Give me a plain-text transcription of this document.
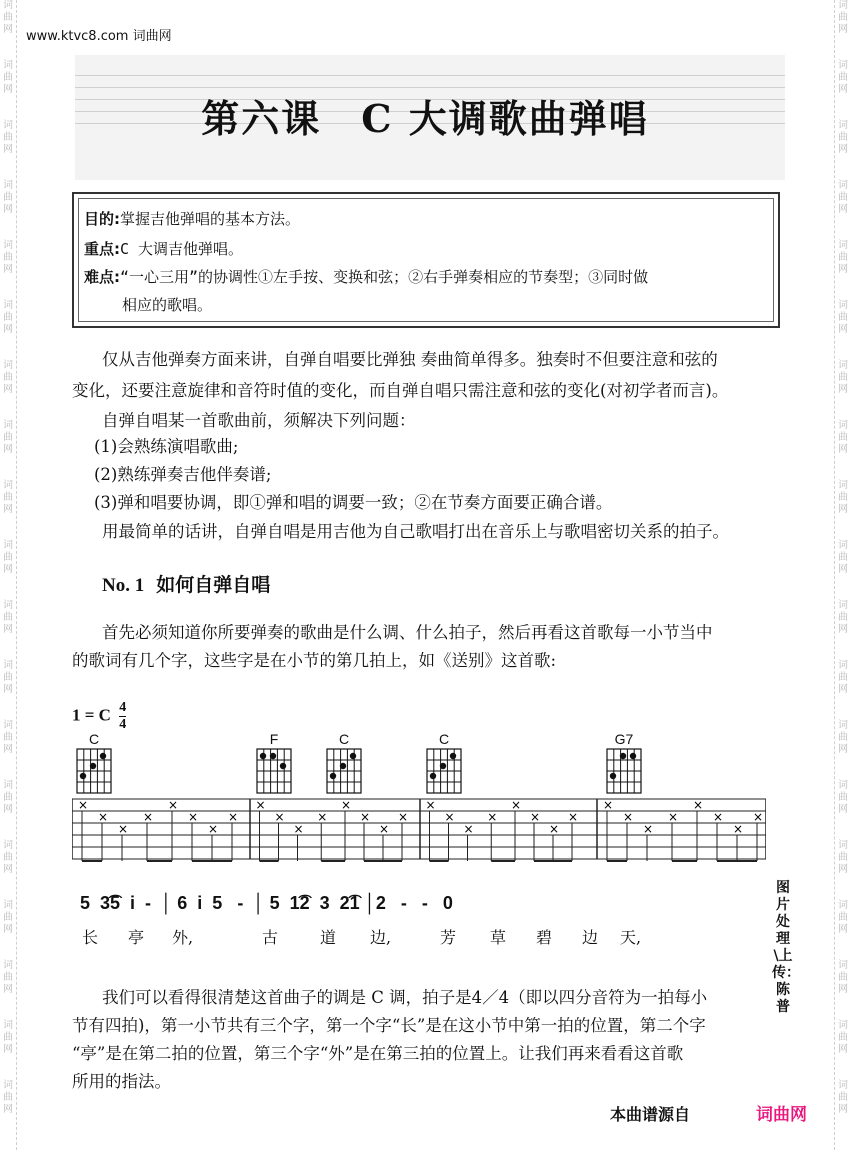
词
曲
网
词
曲
网
词
曲
网
词
曲
网
词
曲
网
词
曲
网
词
曲
网
词
曲
网
词
曲
网
词
曲
网
词
曲
网
词
曲
网
词
曲
网
词
曲
网
词
曲
网
词
曲
网
词
曲
网
词
曲
网
词
曲
网
词
曲
网
词
曲
网
词
曲
网
词
曲
网
词
曲
网
词
曲
网
词
曲
网
词
曲
网
词
曲
网
词
曲
网
词
曲
网
词
曲
网
词
曲
网
词
曲
网
词
曲
网
词
曲
网
词
曲
网
词
曲
网
词
曲
网
www.ktvc8.com 词曲网
第六课　C 大调歌曲弹唱
目的:掌握吉他弹唱的基本方法。
重点:C 大调吉他弹唱。
难点:“一心三用”的协调性①左手按、变换和弦；②右手弹奏相应的节奏型；③同时做
相应的歌唱。
仅从吉他弹奏方面来讲，自弹自唱要比弹独 奏曲简单得多。独奏时不但要注意和弦的
变化，还要注意旋律和音符时值的变化，而自弹自唱只需注意和弦的变化(对初学者而言)。
自弹自唱某一首歌曲前，须解决下列问题：
(1)会熟练演唱歌曲;
(2)熟练弹奏吉他伴奏谱;
(3)弹和唱要协调，即①弹和唱的调要一致；②在节奏方面要正确合谱。
用最简单的话讲，自弹自唱是用吉他为自己歌唱打出在音乐上与歌唱密切关系的拍子。
No. 1 如何自弹自唱
首先必须知道你所要弹奏的歌曲是什么调、什么拍子，然后再看这首歌每一小节当中
的歌词有几个字，这些字是在小节的第几拍上，如《送别》这首歌:
1 = C $\frac{4}{4}$
C	F	C	C	G7
×
×
×
×
×
×
×
×
×
×
×
×
×
×
×
×
×
×
×
×
×
×
×
×
×
×
×
×
×
×
×
×
5  3͡5  i  -  │ 6  i  5   -  │ 5  1͡2  3  2͡1 │2   -   -   0
长 亭 外,	古	道 边,	芳 草 碧 边 天,
图片处理\上传：陈普
我们可以看得很清楚这首曲子的调是 C 调，拍子是4／4（即以四分音符为一拍每小
节有四拍)，第一小节共有三个字，第一个字“长”是在这小节中第一拍的位置，第二个字
“亭”是在第二拍的位置，第三个字“外”是在第三拍的位置上。让我们再来看看这首歌
所用的指法。
本曲谱源自	词曲网
